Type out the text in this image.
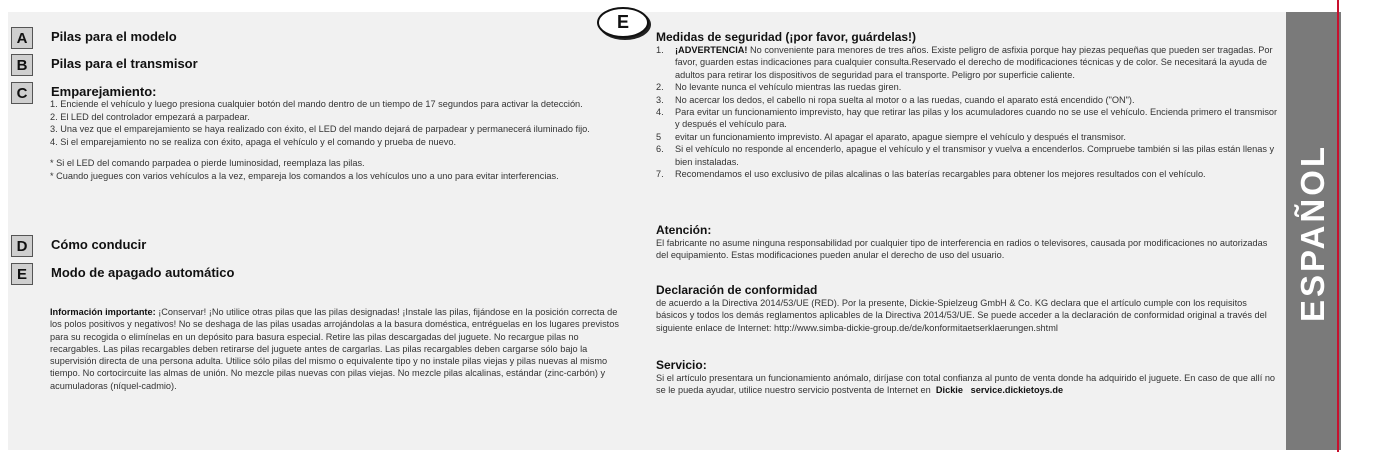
ESPAÑOL
E
A	Pilas para el modelo
B	Pilas para el transmisor
C	Emparejamiento:

1. Enciende el vehículo y luego presiona cualquier botón del mando dentro de un tiempo de 17 segundos para activar la detección.

2. El LED del controlador empezará a parpadear.

3. Una vez que el emparejamiento se haya realizado con éxito, el LED del mando dejará de parpadear y permanecerá iluminado fijo.

4. Si el emparejamiento no se realiza con éxito, apaga el vehículo y el comando y prueba de nuevo.

* Si el LED del comando parpadea o pierde luminosidad, reemplaza las pilas.

* Cuando juegues con varios vehículos a la vez, empareja los comandos a los vehículos uno a uno para evitar interferencias.

D	Cómo conducir
E	Modo de apagado automático
Información importante: ¡Conservar! ¡No utilice otras pilas que las pilas designadas! ¡Instale las pilas, fijándose en la posición correcta de los polos positivos y negativos! No se deshaga de las pilas usadas arrojándolas a la basura doméstica, entréguelas en los lugares previstos para su recogida o elimínelas en un depósito para basura especial. Retire las pilas descargadas del juguete. No recargue pilas no recargables. Las pilas recargables deben retirarse del juguete antes de cargarlas. Las pilas recargables deben cargarse sólo bajo la supervisión directa de una persona adulta. Utilice sólo pilas del mismo o equivalente tipo y no instale pilas viejas y pilas nuevas al mismo tiempo. No cortocircuite las almas de unión. No mezcle pilas nuevas con pilas viejas. No mezcle pilas alcalinas, estándar (zinc-carbón) y acumuladoras (níquel-cadmio).

Medidas de seguridad (¡por favor, guárdelas!)

1.	¡ADVERTENCIA! No conveniente para menores de tres años. Existe peligro de asfixia porque hay piezas pequeñas que pueden ser tragadas. Por favor, guarden estas indicaciones para cualquier consulta.Reservado el derecho de modificaciones técnicas y de color. Se necesitará la ayuda de adultos para retirar los dispositivos de seguridad para el transporte. Peligro por superficie caliente.
2.	No levante nunca el vehículo mientras las ruedas giren.
3.	No acercar los dedos, el cabello ni ropa suelta al motor o a las ruedas, cuando el aparato está encendido ("ON").
4.	Para evitar un funcionamiento imprevisto, hay que retirar las pilas y los acumuladores cuando no se use el vehículo. Encienda primero el transmisor y después el vehículo para.
5	evitar un funcionamiento imprevisto. Al apagar el aparato, apague siempre el vehículo y después el transmisor.
6.	Si el vehículo no responde al encenderlo, apague el vehículo y el transmisor y vuelva a encenderlos. Compruebe también si las pilas están llenas y bien instaladas.
7.	Recomendamos el uso exclusivo de pilas alcalinas o las baterías recargables para obtener los mejores resultados con el vehículo.

Atención:

El fabricante no asume ninguna responsabilidad por cualquier tipo de interferencia en radios o televisores, causada por modificaciones no autorizadas del equipamiento. Estas modificaciones pueden anular el derecho de uso del usuario.

Declaración de conformidad

de acuerdo a la Directiva 2014/53/UE (RED). Por la presente, Dickie-Spielzeug GmbH & Co. KG declara que el artículo cumple con los requisitos básicos y todos los demás reglamentos aplicables de la Directiva 2014/53/UE. Se puede acceder a la declaración de conformidad original a través del siguiente enlace de Internet: http://www.simba-dickie-group.de/de/konformitaetserklaerungen.shtml

Servicio:

Si el artículo presentara un funcionamiento anómalo, diríjase con total confianza al punto de venta donde ha adquirido el juguete. En caso de que allí no se le pueda ayudar, utilice nuestro servicio postventa de Internet en Dickie service.dickietoys.de
